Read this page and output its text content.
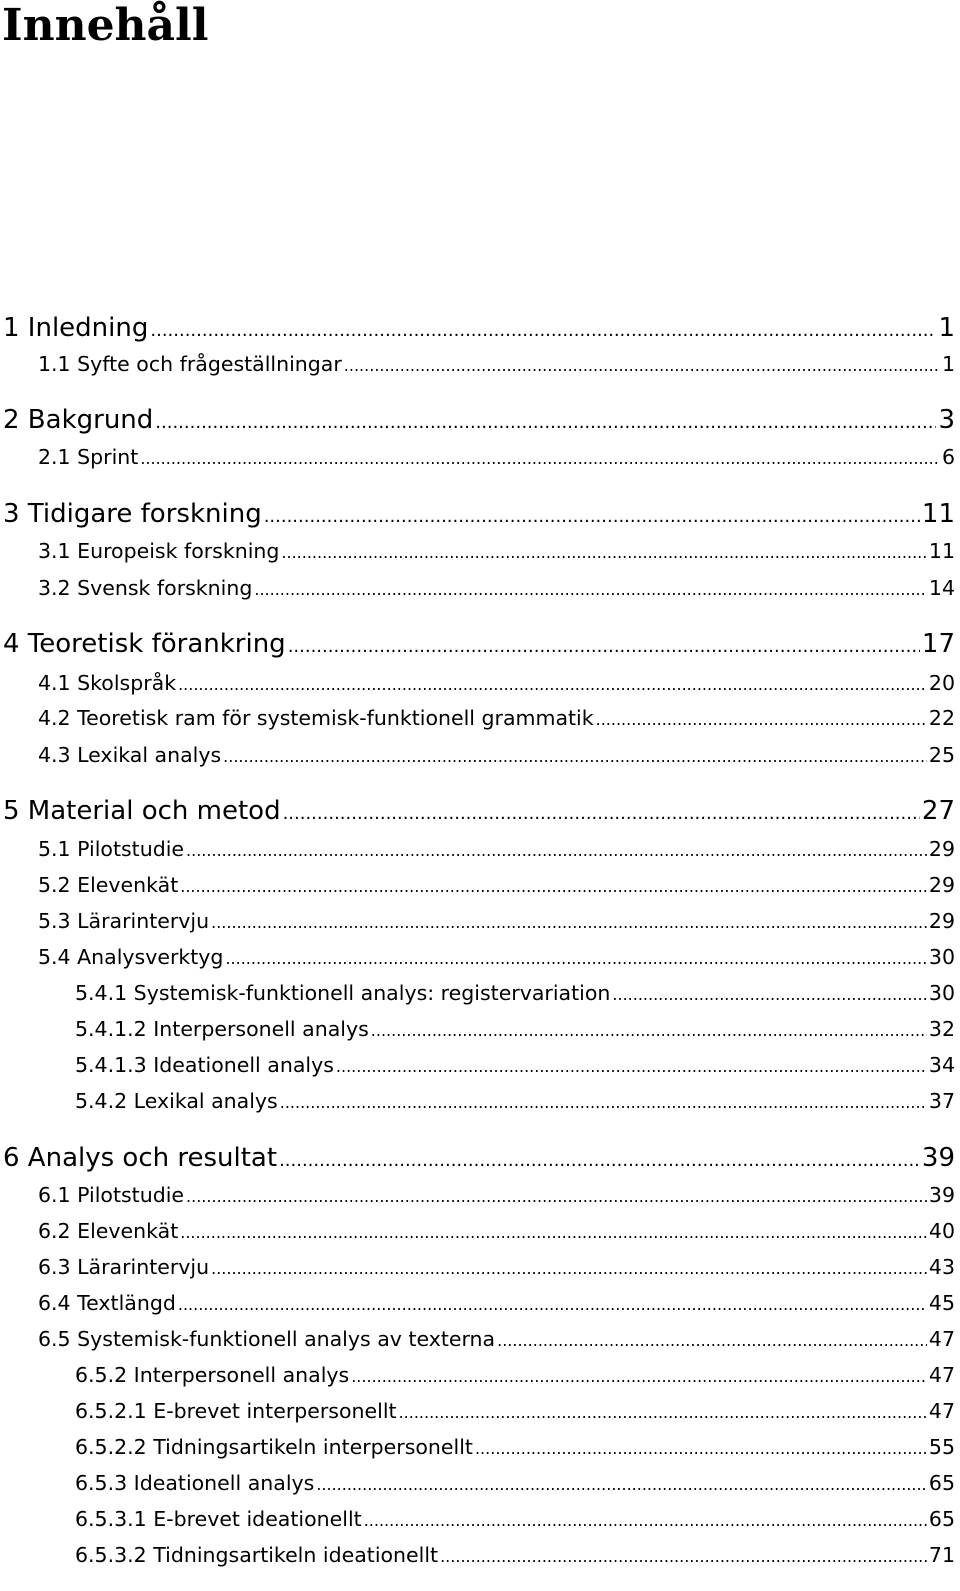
Innehåll
1 Inledning .....	1
1.1 Syfte och frågeställningar .....	1
2 Bakgrund .....	3
2.1 Sprint .....	6
3 Tidigare forskning .....	11
3.1 Europeisk forskning .....	11
3.2 Svensk forskning .....	14
4 Teoretisk förankring .....	17
4.1 Skolspråk .....	20
4.2 Teoretisk ram för systemisk-funktionell grammatik .....	22
4.3 Lexikal analys .....	25
5 Material och metod .....	27
5.1 Pilotstudie .....	29
5.2 Elevenkät .....	29
5.3 Lärarintervju .....	29
5.4 Analysverktyg .....	30
5.4.1 Systemisk-funktionell analys: registervariation .....	30
5.4.1.2 Interpersonell analys .....	32
5.4.1.3 Ideationell analys .....	34
5.4.2 Lexikal analys .....	37
6 Analys och resultat .....	39
6.1 Pilotstudie .....	39
6.2 Elevenkät .....	40
6.3 Lärarintervju .....	43
6.4 Textlängd .....	45
6.5 Systemisk-funktionell analys av texterna .....	47
6.5.2 Interpersonell analys .....	47
6.5.2.1 E-brevet interpersonellt .....	47
6.5.2.2 Tidningsartikeln interpersonellt .....	55
6.5.3 Ideationell analys .....	65
6.5.3.1 E-brevet ideationellt .....	65
6.5.3.2 Tidningsartikeln ideationellt .....	71
